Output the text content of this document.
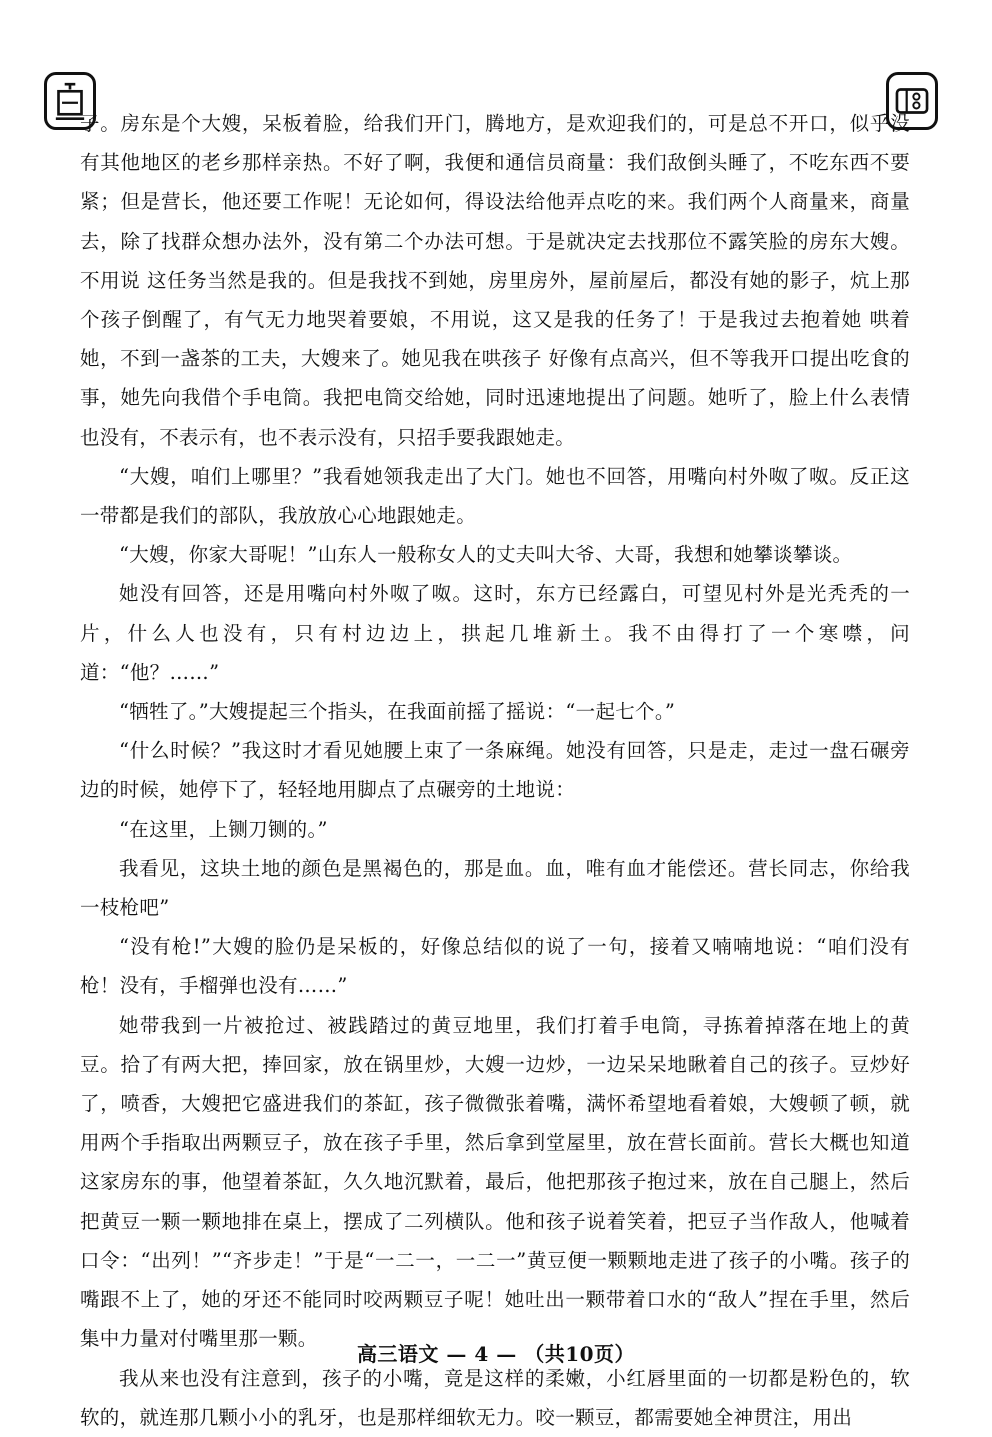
子。房东是个大嫂，呆板着脸，给我们开门，腾地方，是欢迎我们的，可是总不开口，似乎没有其他地区的老乡那样亲热。不好了啊，我便和通信员商量：我们敌倒头睡了，不吃东西不要紧；但是营长，他还要工作呢！无论如何，得设法给他弄点吃的来。我们两个人商量来，商量去，除了找群众想办法外，没有第二个办法可想。于是就决定去找那位不露笑脸的房东大嫂。不用说 这任务当然是我的。但是我找不到她，房里房外，屋前屋后，都没有她的影子，炕上那个孩子倒醒了，有气无力地哭着要娘，不用说，这又是我的任务了！于是我过去抱着她 哄着她，不到一盏茶的工夫，大嫂来了。她见我在哄孩子 好像有点高兴，但不等我开口提出吃食的事，她先向我借个手电筒。我把电筒交给她，同时迅速地提出了问题。她听了，脸上什么表情也没有，不表示有，也不表示没有，只招手要我跟她走。

“大嫂，咱们上哪里？”我看她领我走出了大门。她也不回答，用嘴向村外呶了呶。反正这一带都是我们的部队，我放放心心地跟她走。

“大嫂，你家大哥呢！”山东人一般称女人的丈夫叫大爷、大哥，我想和她攀谈攀谈。

她没有回答，还是用嘴向村外呶了呶。这时，东方已经露白，可望见村外是光秃秃的一片，什么人也没有，只有村边边上，拱起几堆新土。我不由得打了一个寒噤，问道：“他？……”

“牺牲了。”大嫂提起三个指头，在我面前摇了摇说：“一起七个。”

“什么时候？”我这时才看见她腰上束了一条麻绳。她没有回答，只是走，走过一盘石碾旁边的时候，她停下了，轻轻地用脚点了点碾旁的土地说：

“在这里，上铡刀铡的。”

我看见，这块土地的颜色是黑褐色的，那是血。血，唯有血才能偿还。营长同志，你给我一枝枪吧”

“没有枪!”大嫂的脸仍是呆板的，好像总结似的说了一句，接着又喃喃地说：“咱们没有枪！没有，手榴弹也没有……”

她带我到一片被抢过、被践踏过的黄豆地里，我们打着手电筒，寻拣着掉落在地上的黄豆。拾了有两大把，捧回家，放在锅里炒，大嫂一边炒，一边呆呆地瞅着自己的孩子。豆炒好了，喷香，大嫂把它盛进我们的茶缸，孩子微微张着嘴，满怀希望地看着娘，大嫂顿了顿，就用两个手指取出两颗豆子，放在孩子手里，然后拿到堂屋里，放在营长面前。营长大概也知道这家房东的事，他望着茶缸，久久地沉默着，最后，他把那孩子抱过来，放在自己腿上，然后把黄豆一颗一颗地排在桌上，摆成了二列横队。他和孩子说着笑着，把豆子当作敌人，他喊着口令：“出列！”“齐步走！”于是“一二一，一二一”黄豆便一颗颗地走进了孩子的小嘴。孩子的嘴跟不上了，她的牙还不能同时咬两颗豆子呢！她吐出一颗带着口水的“敌人”捏在手里，然后集中力量对付嘴里那一颗。

我从来也没有注意到，孩子的小嘴，竟是这样的柔嫩，小红唇里面的一切都是粉色的，软软的，就连那几颗小小的乳牙，也是那样细软无力。咬一颗豆，都需要她全神贯注，用出

高三语文 — 4 — （共10页）
